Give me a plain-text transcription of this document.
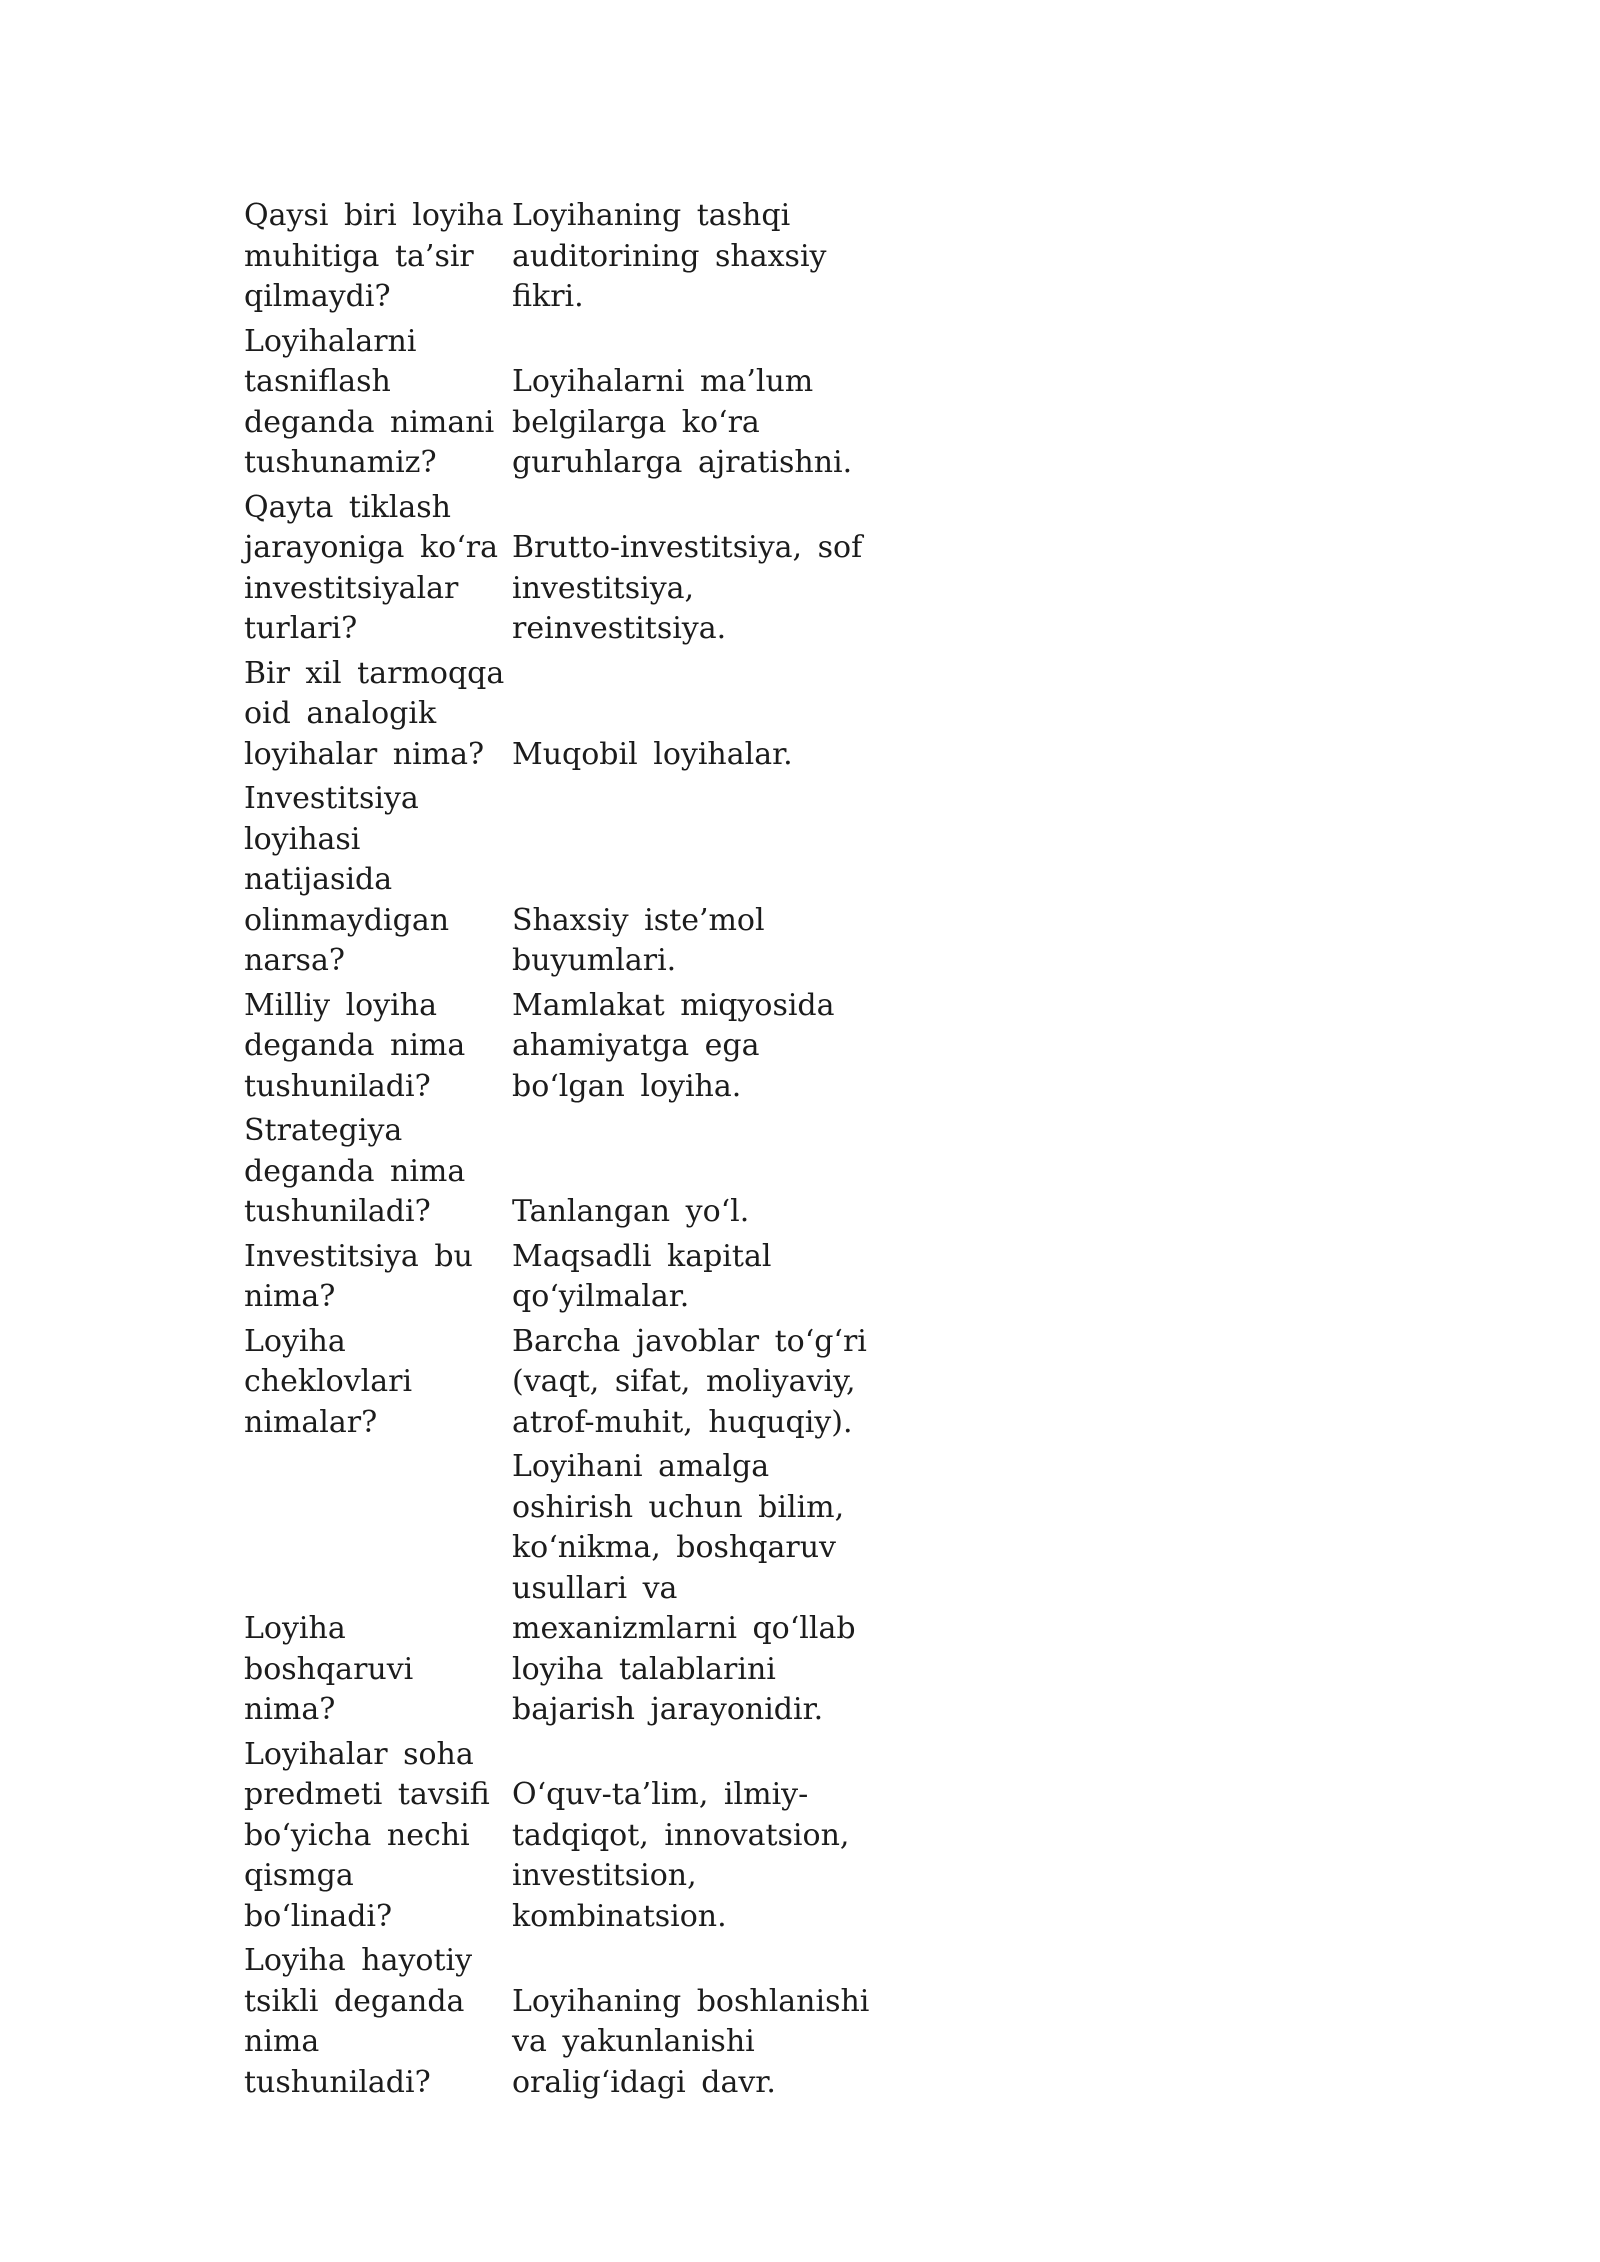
Qaysi biri loyiha
muhitiga ta’sir
qilmaydi?
Loyihaning tashqi
auditorining shaxsiy
fikri.
Loyihalarni
tasniflash
deganda nimani
tushunamiz?
Loyihalarni ma’lum
belgilarga ko‘ra
guruhlarga ajratishni.
Qayta tiklash
jarayoniga ko‘ra
investitsiyalar
turlari?
Brutto-investitsiya, sof
investitsiya,
reinvestitsiya.
Bir xil tarmoqqa
oid analogik
loyihalar nima? Muqobil loyihalar.
Investitsiya
loyihasi
natijasida
olinmaydigan
narsa?
Shaxsiy iste’mol
buyumlari.
Milliy loyiha
deganda nima
tushuniladi?
Mamlakat miqyosida
ahamiyatga ega
bo‘lgan loyiha.
Strategiya
deganda nima
tushuniladi?	Tanlangan yo‘l.
Investitsiya bu
nima?
Maqsadli kapital
qo‘yilmalar.
Loyiha
cheklovlari
nimalar?
Barcha javoblar to‘g‘ri
(vaqt, sifat, moliyaviy,
atrof-muhit, huquqiy).
Loyiha
boshqaruvi
nima?
Loyihani amalga
oshirish uchun bilim,
ko‘nikma, boshqaruv
usullari va
mexanizmlarni qo‘llab
loyiha talablarini
bajarish jarayonidir.
Loyihalar soha
predmeti tavsifi
bo‘yicha nechi
qismga bo‘linadi?
O‘quv-ta’lim, ilmiy-
tadqiqot, innovatsion,
investitsion,
kombinatsion.
Loyiha hayotiy
tsikli deganda
nima
tushuniladi?
Loyihaning boshlanishi
va yakunlanishi
oralig‘idagi davr.
